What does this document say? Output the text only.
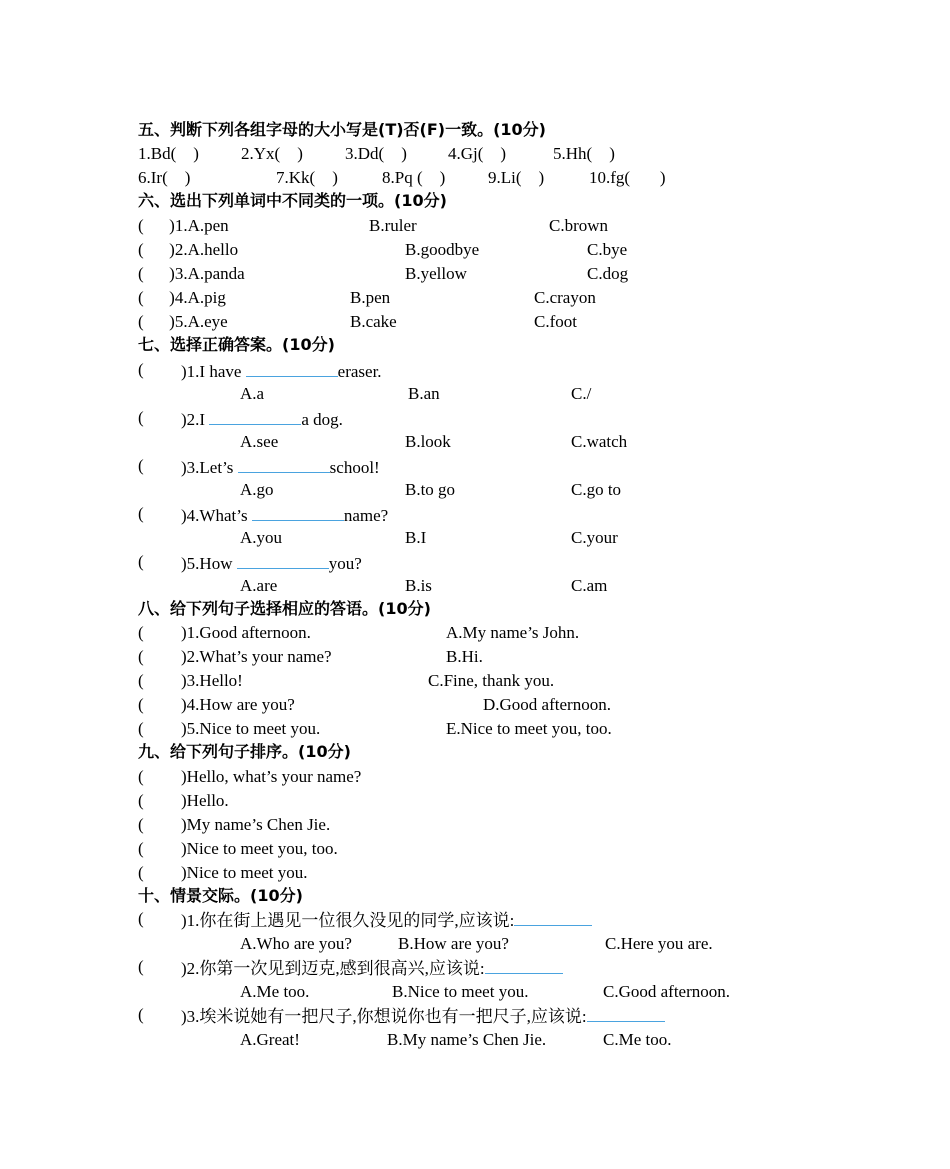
五、判断下列各组字母的大小写是(T)否(F)一致。(10分)
1.Bd(    ) 2.Yx(    ) 3.Dd(    ) 4.Gj(    )	5.Hh(    )
6.Ir(    )	7.Kk(    )	8.Pq (    )	9.Li(    )	10.fg(       )
六、选出下列单词中不同类的一项。(10分)
(      )1.A.pen	B.ruler	C.brown
(      )2.A.hello	B.goodbye	C.bye
(      )3.A.panda	B.yellow	C.dog
(      )4.A.pig	B.pen	C.crayon
(      )5.A.eye	B.cake	C.foot
七、选择正确答案。(10分)
( )1.I have	eraser.
A.a	B.an	C./
( )2.I	a dog.
A.see	B.look	C.watch
( )3.Let’s	school!
A.go	B.to go	C.go to
( )4.What’s	name?
A.you	B.I	C.your
( )5.How	you?
A.are	B.is	C.am
八、给下列句子选择相应的答语。(10分)
( )1.Good afternoon.	A.My name’s John.
( )2.What’s your name?	B.Hi.
( )3.Hello!	C.Fine, thank you.
( )4.How are you?	D.Good afternoon.
( )5.Nice to meet you.	E.Nice to meet you, too.
九、给下列句子排序。(10分)
( )Hello, what’s your name?
( )Hello.
( )My name’s Chen Jie.
( )Nice to meet you, too.
( )Nice to meet you.
十、情景交际。(10分)
( )1.你在街上遇见一位很久没见的同学,应该说:
A.Who are you?	B.How are you?	C.Here you are.
( )2.你第一次见到迈克,感到很高兴,应该说:
A.Me too.	B.Nice to meet you.	C.Good afternoon.
( )3.埃米说她有一把尺子,你想说你也有一把尺子,应该说:
A.Great!	B.My name’s Chen Jie.	C.Me too.
